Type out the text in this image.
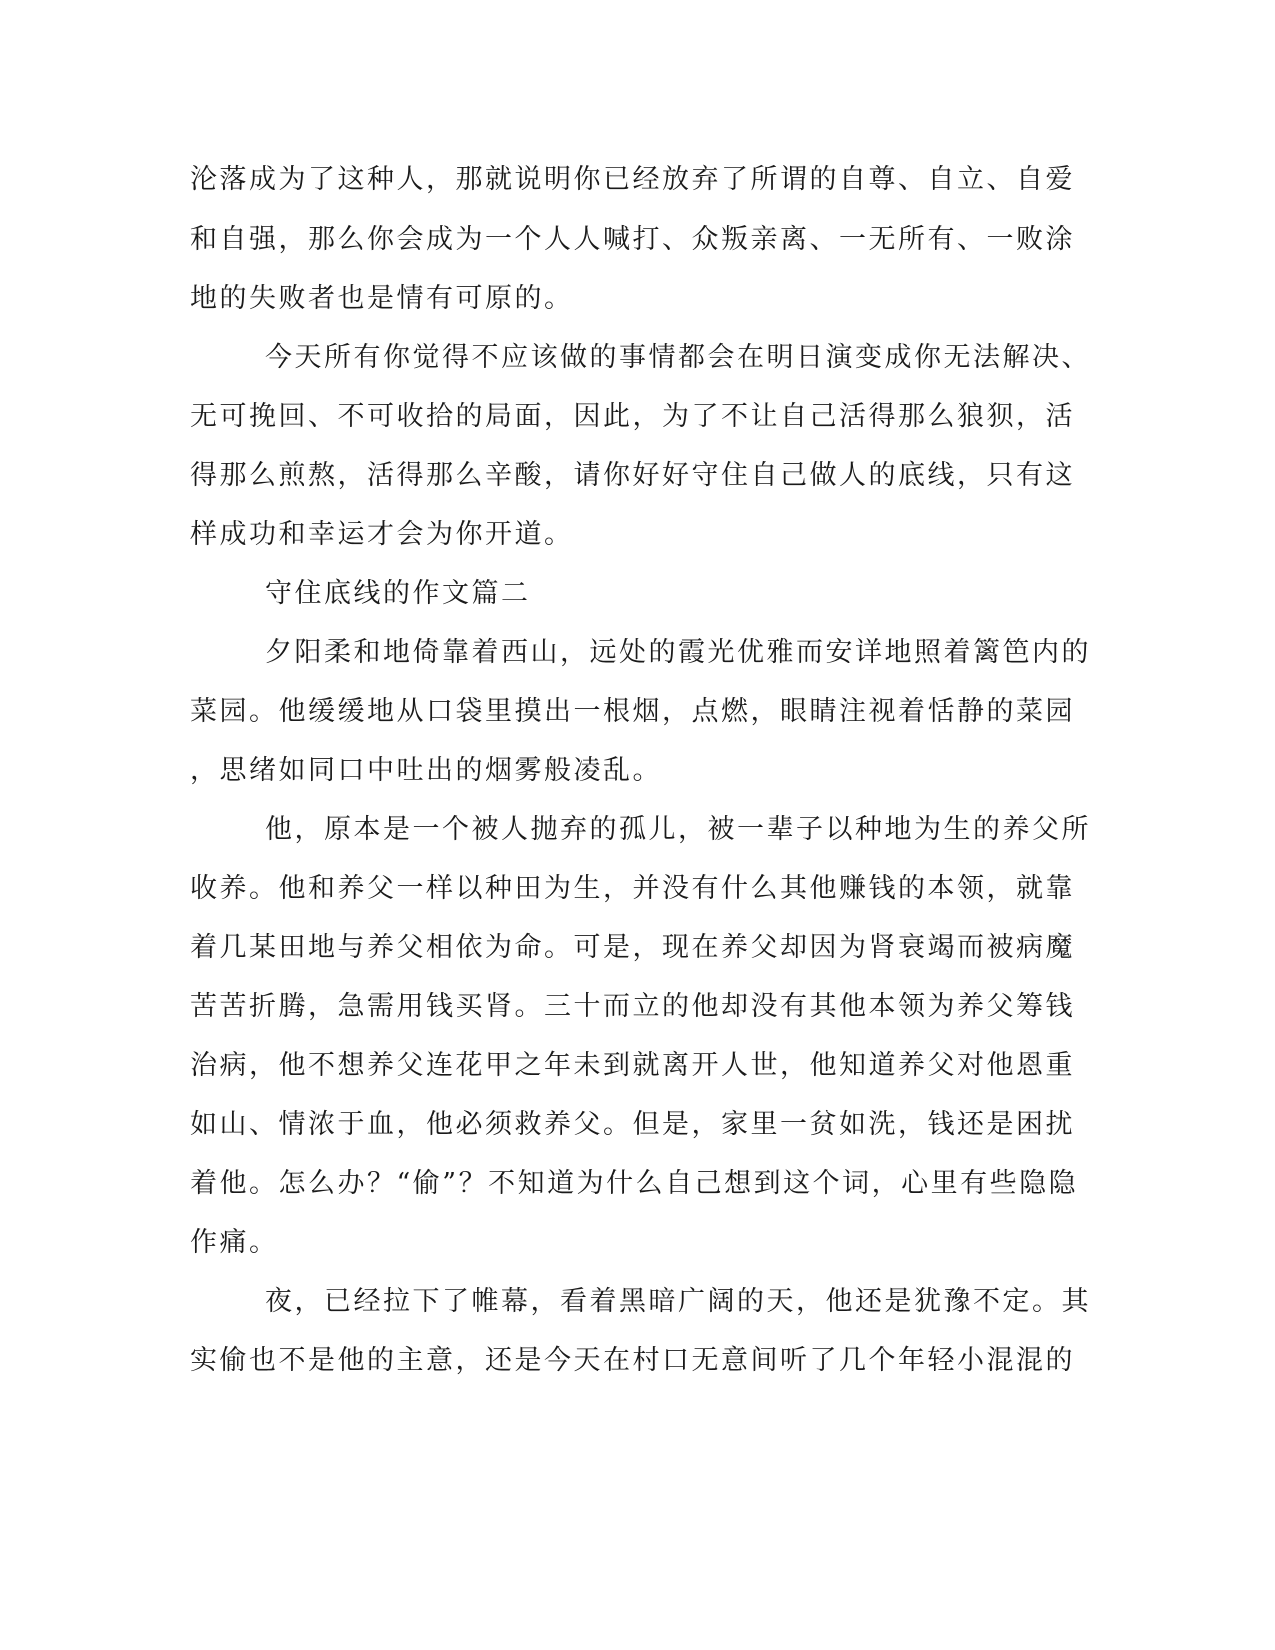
沦落成为了这种人，那就说明你已经放弃了所谓的自尊、自立、自爱
和自强，那么你会成为一个人人喊打、众叛亲离、一无所有、一败涂
地的失败者也是情有可原的。
今天所有你觉得不应该做的事情都会在明日演变成你无法解决、
无可挽回、不可收拾的局面，因此，为了不让自己活得那么狼狈，活
得那么煎熬，活得那么辛酸，请你好好守住自己做人的底线，只有这
样成功和幸运才会为你开道。
守住底线的作文篇二
夕阳柔和地倚靠着西山，远处的霞光优雅而安详地照着篱笆内的
菜园。他缓缓地从口袋里摸出一根烟，点燃，眼睛注视着恬静的菜园
，思绪如同口中吐出的烟雾般凌乱。
他，原本是一个被人抛弃的孤儿，被一辈子以种地为生的养父所
收养。他和养父一样以种田为生，并没有什么其他赚钱的本领，就靠
着几某田地与养父相依为命。可是，现在养父却因为肾衰竭而被病魔
苦苦折腾，急需用钱买肾。三十而立的他却没有其他本领为养父筹钱
治病，他不想养父连花甲之年未到就离开人世，他知道养父对他恩重
如山、情浓于血，他必须救养父。但是，家里一贫如洗，钱还是困扰
着他。怎么办？“偷”？不知道为什么自己想到这个词，心里有些隐隐
作痛。
夜，已经拉下了帷幕，看着黑暗广阔的天，他还是犹豫不定。其
实偷也不是他的主意，还是今天在村口无意间听了几个年轻小混混的
